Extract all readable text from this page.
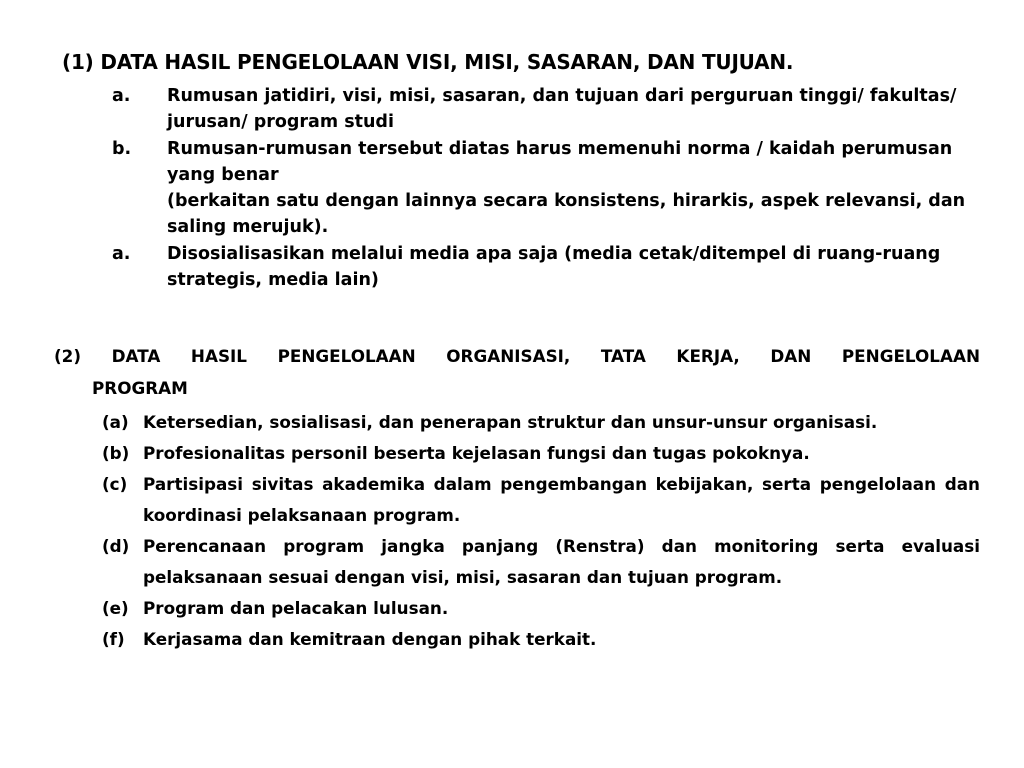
(1) DATA HASIL PENGELOLAAN VISI, MISI, SASARAN, DAN TUJUAN.
a.	Rumusan jatidiri, visi, misi, sasaran, dan tujuan dari perguruan tinggi/ fakultas/ jurusan/ program studi
b.	Rumusan-rumusan tersebut diatas harus memenuhi norma / kaidah perumusan yang benar
(berkaitan satu dengan lainnya secara konsistens, hirarkis, aspek relevansi, dan saling merujuk).
a.	Disosialisasikan melalui media apa saja (media cetak/ditempel di ruang-ruang strategis, media lain)
(2) DATA HASIL PENGELOLAAN ORGANISASI, TATA KERJA, DAN PENGELOLAAN
PROGRAM
(a) Ketersedian, sosialisasi, dan penerapan struktur dan unsur-unsur organisasi.
(b) Profesionalitas personil beserta kejelasan fungsi dan tugas pokoknya.
(c) Partisipasi sivitas akademika dalam pengembangan kebijakan, serta pengelolaan dan koordinasi pelaksanaan program.
(d) Perencanaan program jangka panjang (Renstra) dan monitoring serta evaluasi pelaksanaan sesuai dengan visi, misi, sasaran dan tujuan program.
(e) Program dan pelacakan lulusan.
(f)	Kerjasama dan kemitraan dengan pihak terkait.
